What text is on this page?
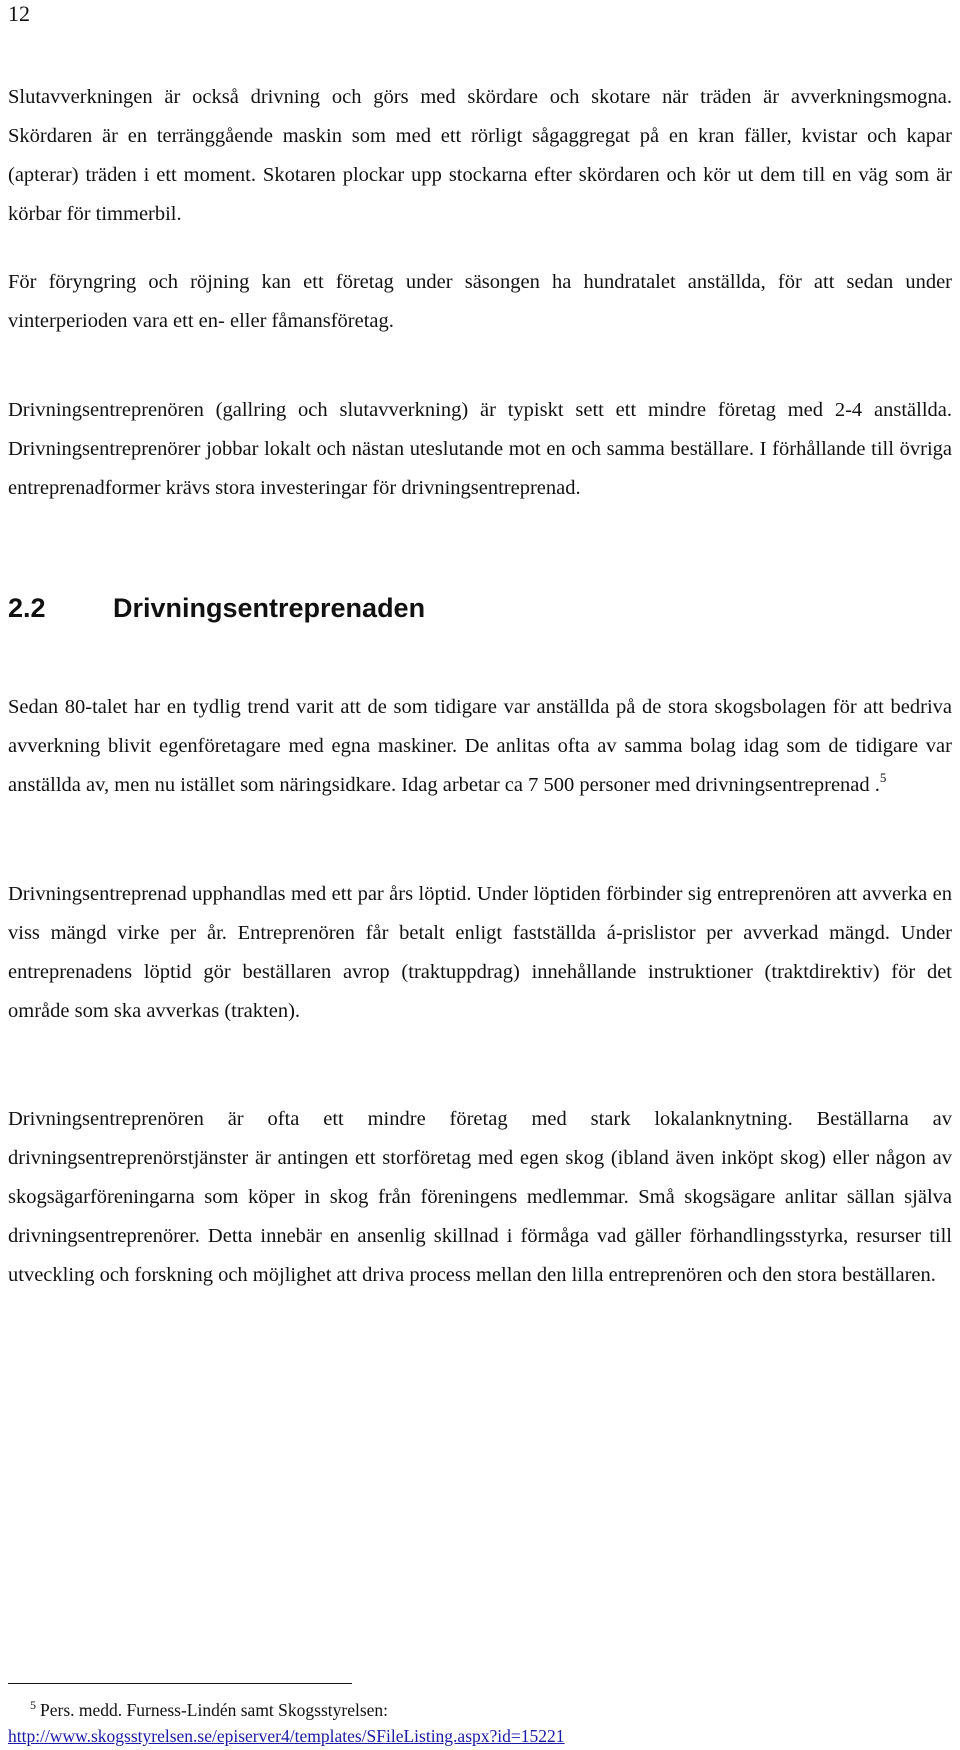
12

Slutavverkningen är också drivning och görs med skördare och skotare när träden är avverkningsmogna. Skördaren är en terränggående maskin som med ett rörligt sågaggregat på en kran fäller, kvistar och kapar (apterar) träden i ett moment. Skotaren plockar upp stockarna efter skördaren och kör ut dem till en väg som är körbar för timmerbil.

För föryngring och röjning kan ett företag under säsongen ha hundratalet anställda, för att sedan under vinterperioden vara ett en- eller fåmansföretag.

Drivningsentreprenören (gallring och slutavverkning) är typiskt sett ett mindre företag med 2-4 anställda. Drivningsentreprenörer jobbar lokalt och nästan uteslutande mot en och samma beställare. I förhållande till övriga entreprenadformer krävs stora investeringar för drivningsentreprenad.

2.2 Drivningsentreprenaden

Sedan 80-talet har en tydlig trend varit att de som tidigare var anställda på de stora skogsbolagen för att bedriva avverkning blivit egenföretagare med egna maskiner. De anlitas ofta av samma bolag idag som de tidigare var anställda av, men nu istället som näringsidkare. Idag arbetar ca 7 500 personer med drivningsentreprenad .$^5$

Drivningsentreprenad upphandlas med ett par års löptid. Under löptiden förbinder sig entreprenören att avverka en viss mängd virke per år. Entreprenören får betalt enligt fastställda á-prislistor per avverkad mängd. Under entreprenadens löptid gör beställaren avrop (traktuppdrag) innehållande instruktioner (traktdirektiv) för det område som ska avverkas (trakten).

Drivningsentreprenören är ofta ett mindre företag med stark lokalanknytning. Beställarna av drivningsentreprenörstjänster är antingen ett storföretag med egen skog (ibland även inköpt skog) eller någon av skogsägarföreningarna som köper in skog från föreningens medlemmar. Små skogsägare anlitar sällan själva drivningsentreprenörer. Detta innebär en ansenlig skillnad i förmåga vad gäller förhandlingsstyrka, resurser till utveckling och forskning och möjlighet att driva process mellan den lilla entreprenören och den stora beställaren.

$^5$ Pers. medd. Furness-Lindén samt Skogsstyrelsen:
http://www.skogsstyrelsen.se/episerver4/templates/SFileListing.aspx?id=15221
